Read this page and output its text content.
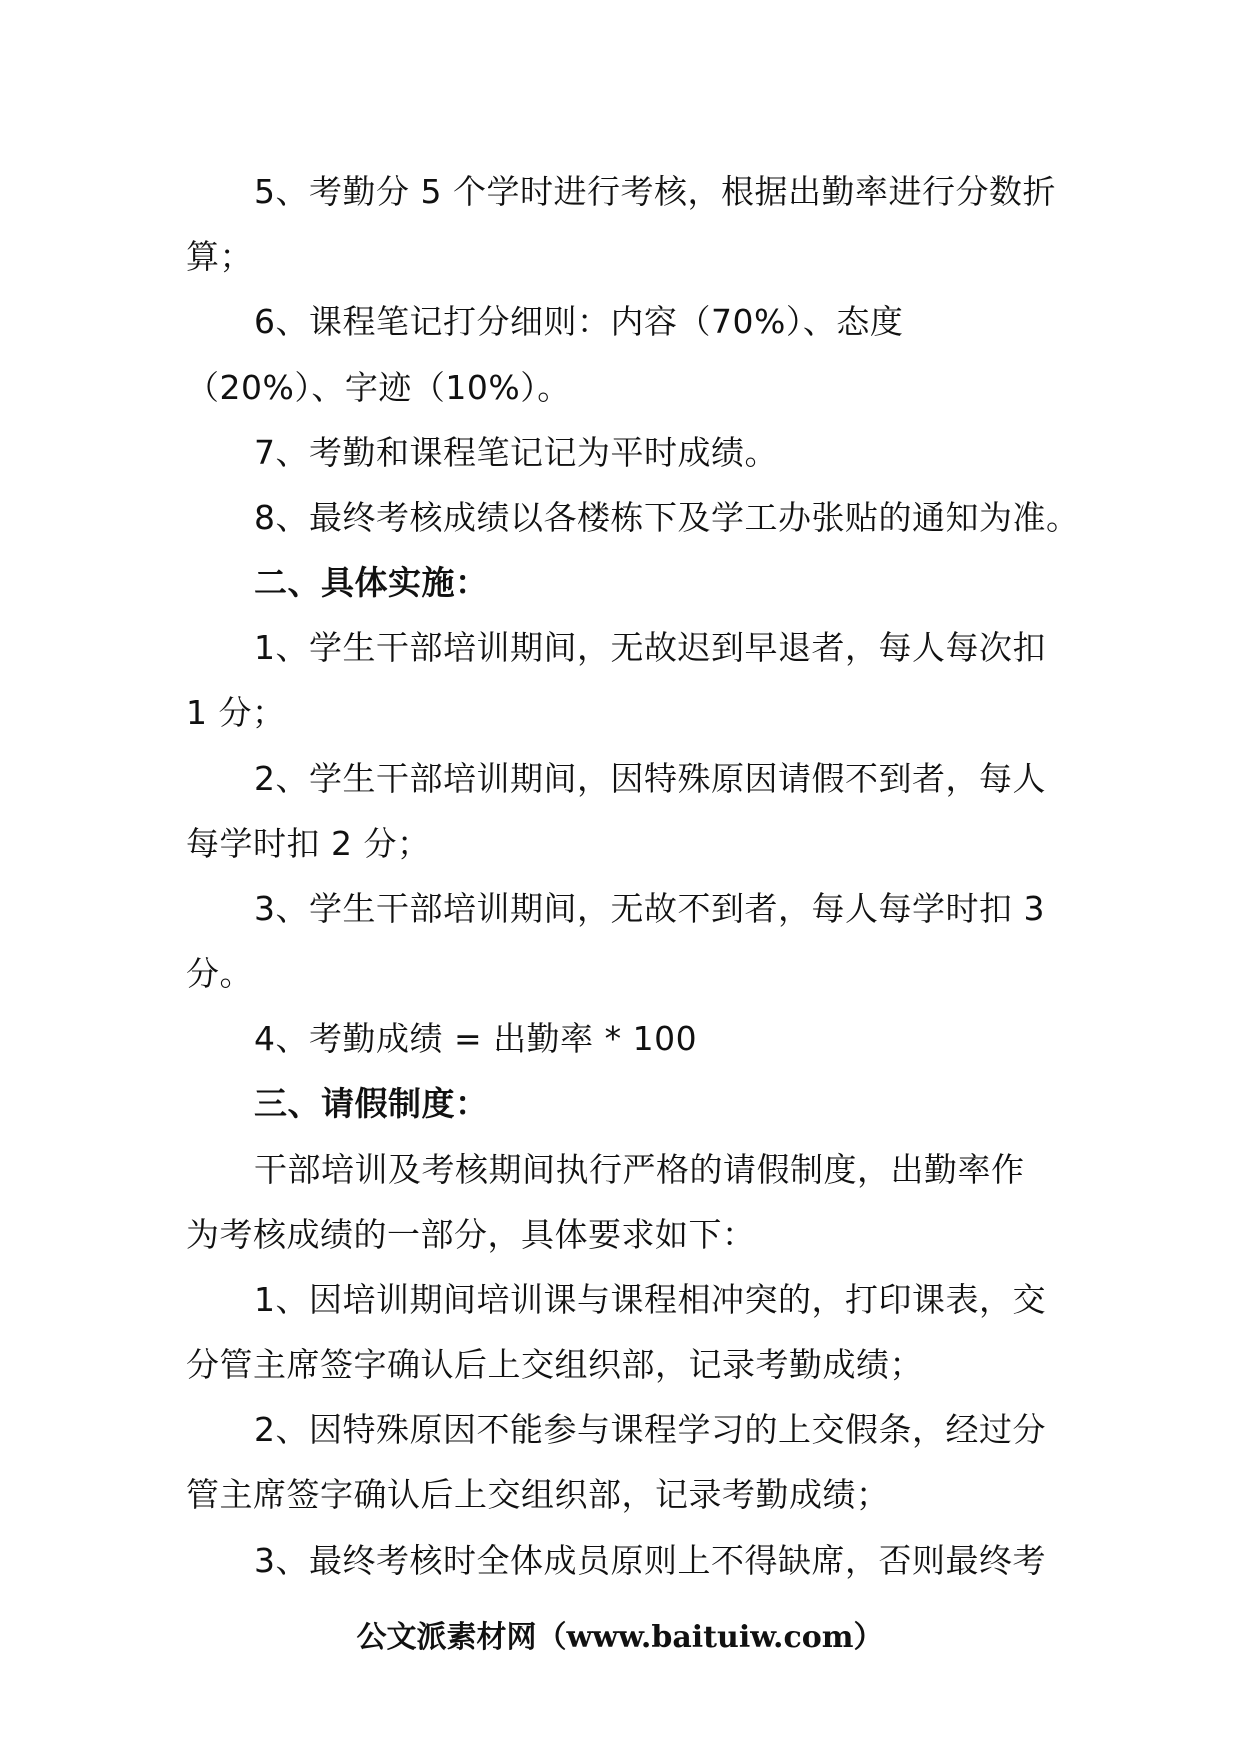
5、考勤分 5 个学时进行考核，根据出勤率进行分数折
算；
6、课程笔记打分细则：内容（70%）、态度
（20%）、字迹（10%）。
7、考勤和课程笔记记为平时成绩。
8、最终考核成绩以各楼栋下及学工办张贴的通知为准。
二、具体实施：
1、学生干部培训期间，无故迟到早退者，每人每次扣
1 分；
2、学生干部培训期间，因特殊原因请假不到者，每人
每学时扣 2 分；
3、学生干部培训期间，无故不到者，每人每学时扣 3
分。
4、考勤成绩 = 出勤率 * 100
三、请假制度：
干部培训及考核期间执行严格的请假制度，出勤率作
为考核成绩的一部分，具体要求如下：
1、因培训期间培训课与课程相冲突的，打印课表，交
分管主席签字确认后上交组织部，记录考勤成绩；
2、因特殊原因不能参与课程学习的上交假条，经过分
管主席签字确认后上交组织部，记录考勤成绩；
3、最终考核时全体成员原则上不得缺席，否则最终考
公文派素材网（www.baituiw.com）
